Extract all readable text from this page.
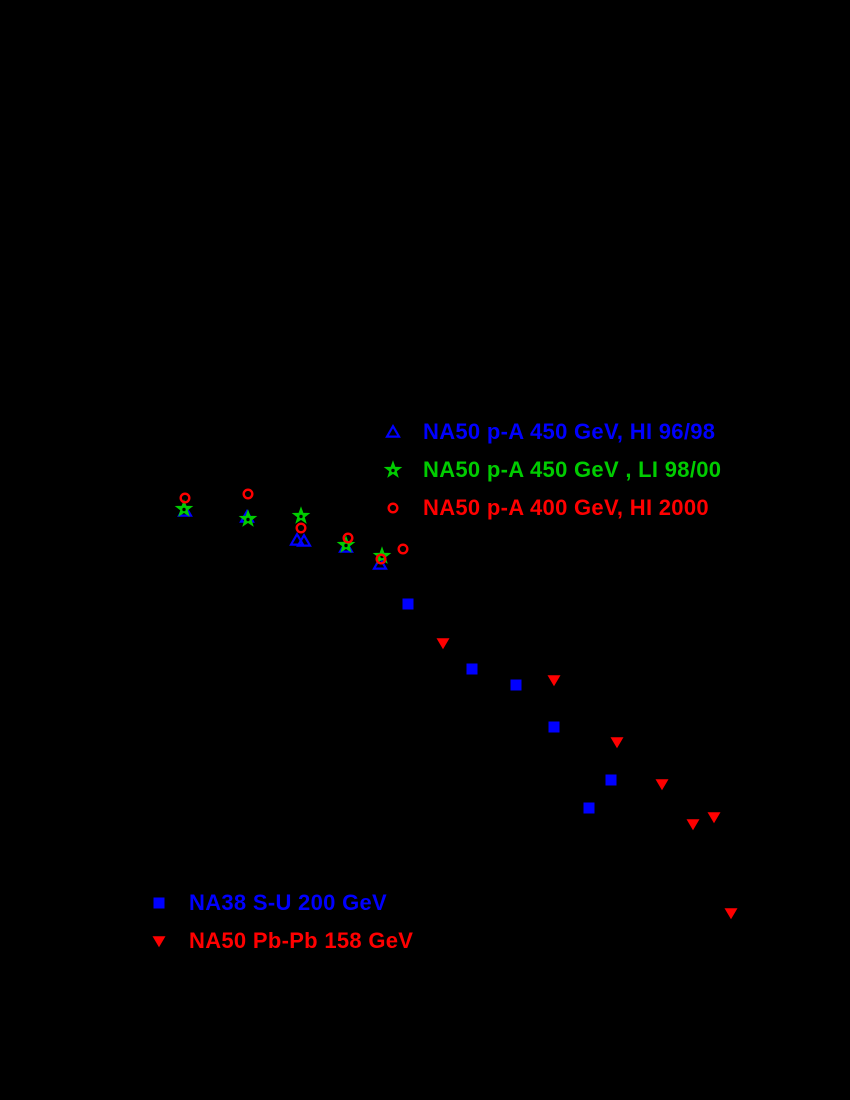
NA50 p-A 450 GeV, HI 96/98
NA50 p-A 450 GeV , LI 98/00
NA50 p-A 400 GeV, HI 2000
NA38 S-U 200 GeV
NA50 Pb-Pb 158 GeV
